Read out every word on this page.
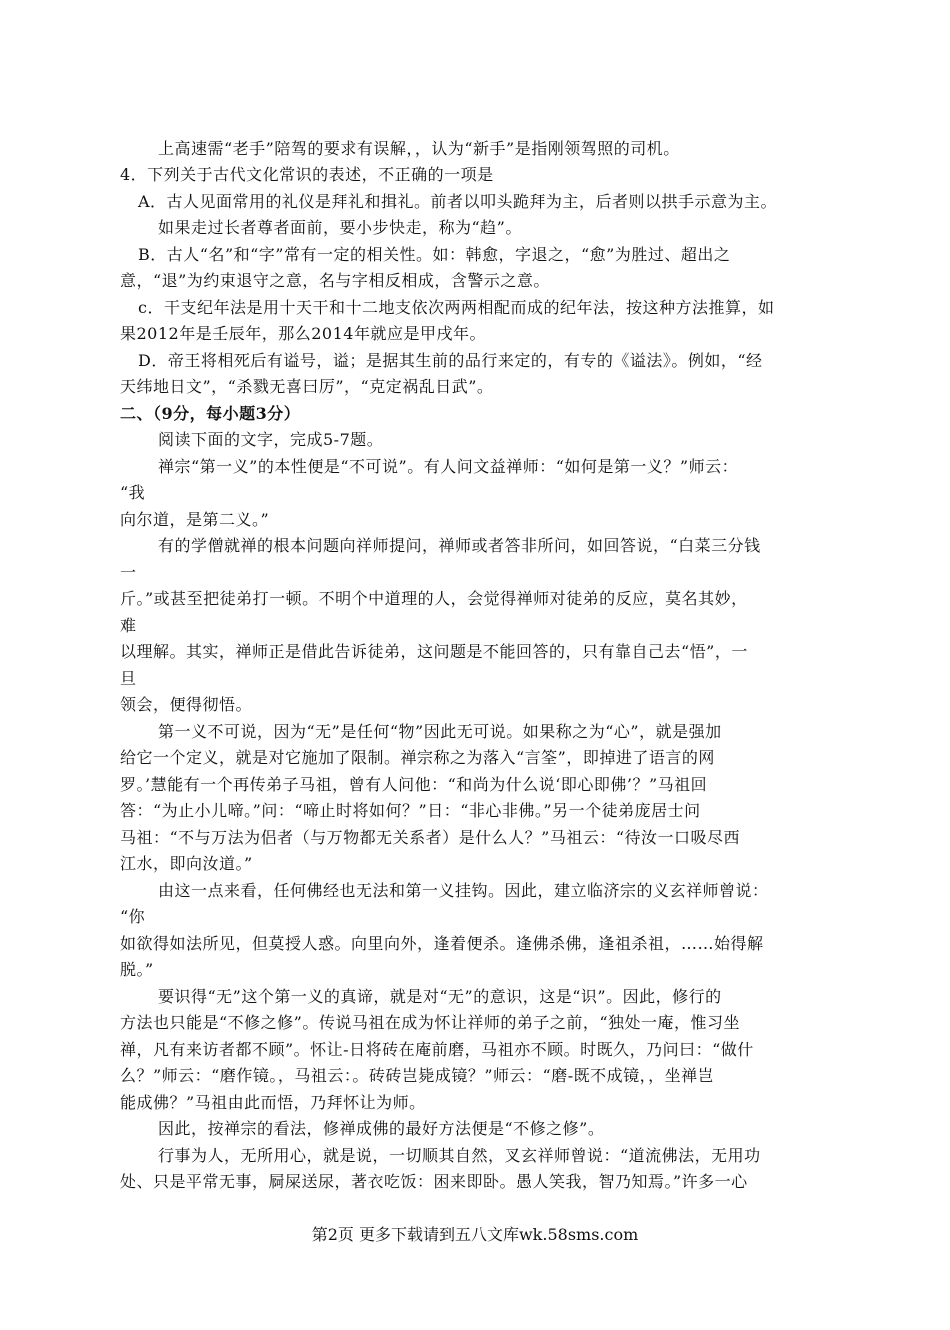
上高速需“老手”陪驾的要求有误解，，认为“新手”是指刚领驾照的司机。
4．下列关于古代文化常识的表述，不正确的一项是
A．古人见面常用的礼仪是拜礼和揖礼。前者以叩头跪拜为主，后者则以拱手示意为主。
如果走过长者尊者面前，要小步快走，称为“趋”。
B．古人“名”和“字”常有一定的相关性。如：韩愈，字退之，“愈”为胜过、超出之
意，“退”为约束退守之意，名与字相反相成，含警示之意。
c．干支纪年法是用十天干和十二地支依次两两相配而成的纪年法，按这种方法推算，如
果2012年是壬辰年，那么2014年就应是甲戌年。
D．帝王将相死后有谥号，谥；是据其生前的品行来定的，有专的《谥法》。例如，“经
天纬地日文”，“杀戮无喜曰厉”，“克定祸乱日武”。
二、（9分，每小题3分）
阅读下面的文字，完成5-7题。
禅宗“第一义”的本性便是“不可说”。有人问文益禅师：“如何是第一义？”师云：
“我
向尔道，是第二义。”
有的学僧就禅的根本问题向祥师提问，禅师或者答非所问，如回答说，“白菜三分钱
一
斤。”或甚至把徒弟打一顿。不明个中道理的人，会觉得禅师对徒弟的反应，莫名其妙，
难
以理解。其实，禅师正是借此告诉徒弟，这问题是不能回答的，只有靠自己去“悟”，一
旦
领会，便得彻悟。
第一义不可说，因为“无”是任何“物”因此无可说。如果称之为“心”，就是强加
给它一个定义，就是对它施加了限制。禅宗称之为落入“言筌”，即掉进了语言的网
罗。’慧能有一个再传弟子马祖，曾有人问他：“和尚为什么说‘即心即佛’？”马祖回
答：“为止小儿啼。”问：“啼止时将如何？”日：“非心非佛。”另一个徒弟庞居士问
马祖：“不与万法为侣者（与万物都无关系者）是什么人？”马祖云：“待汝一口吸尽西
江水，即向汝道。”
由这一点来看，任何佛经也无法和第一义挂钩。因此，建立临济宗的义玄祥师曾说：
“你
如欲得如法所见，但莫授人惑。向里向外，逢着便杀。逢佛杀佛，逢祖杀祖，……始得解
脱。”
要识得“无”这个第一义的真谛，就是对“无”的意识，这是“识”。因此，修行的
方法也只能是“不修之修”。传说马祖在成为怀让祥师的弟子之前，“独处一庵，惟习坐
禅，凡有来访者都不顾”。怀让-日将砖在庵前磨，马祖亦不顾。时既久，乃问曰：“做什
么？”师云：“磨作镜。，马祖云：。砖砖岂毙成镜？”师云：“磨-既不成镜，，坐禅岂
能成佛？”马祖由此而悟，乃拜怀让为师。
因此，按禅宗的看法，修禅成佛的最好方法便是“不修之修”。
行事为人，无所用心，就是说，一切顺其自然，叉玄祥师曾说：“道流佛法，无用功
处、只是平常无事，屙屎送尿，著衣吃饭：困来即卧。愚人笑我，智乃知焉。”许多一心
第2页 更多下载请到五八文库wk.58sms.com
